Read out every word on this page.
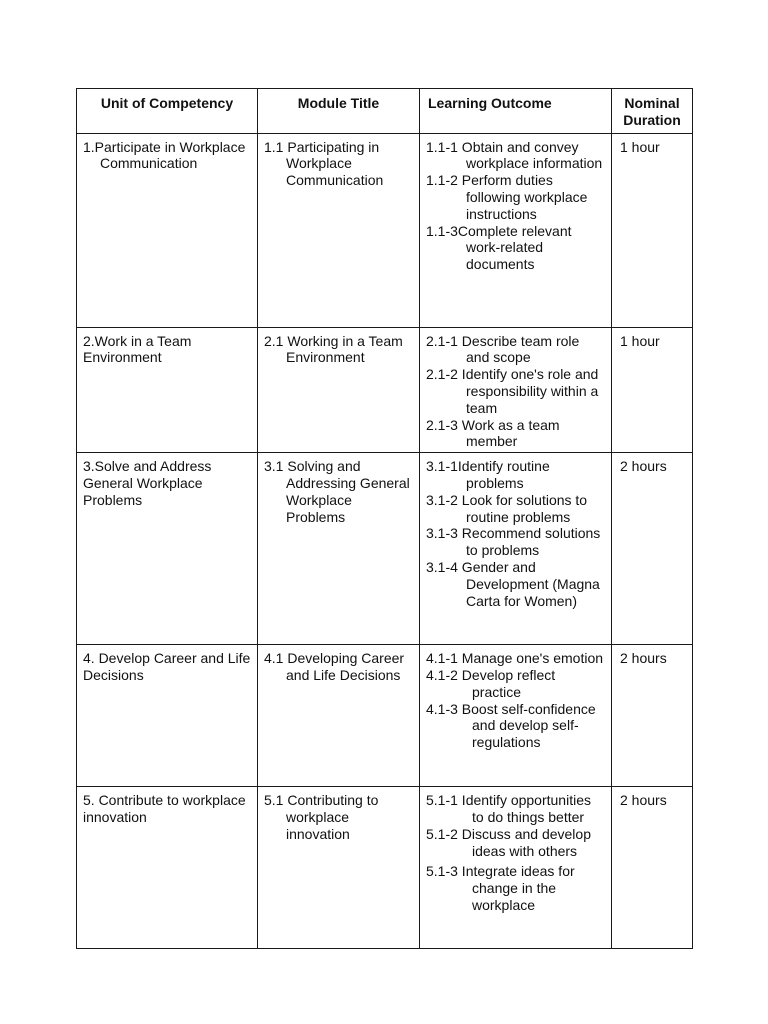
Unit of Competency	Module Title	Learning Outcome	Nominal Duration

1.Participate in Workplace Communication	1.1 Participating in Workplace Communication	1.1-1 Obtain and convey workplace information
1.1-2 Perform duties following workplace instructions
1.1-3Complete relevant work-related documents	1 hour

2.Work in a Team Environment	2.1 Working in a Team Environment	2.1-1 Describe team role and scope
2.1-2 Identify one's role and responsibility within a team
2.1-3 Work as a team member	1 hour

3.Solve and Address General Workplace Problems	3.1 Solving and Addressing General Workplace Problems	3.1-1Identify routine problems
3.1-2 Look for solutions to routine problems
3.1-3 Recommend solutions to problems
3.1-4 Gender and Development (Magna Carta for Women)	2 hours

4. Develop Career and Life Decisions	4.1 Developing Career and Life Decisions	4.1-1 Manage one's emotion
4.1-2 Develop reflect practice
4.1-3 Boost self-confidence and develop self-regulations	2 hours

5. Contribute to workplace innovation	5.1 Contributing to workplace innovation	5.1-1 Identify opportunities to do things better
5.1-2 Discuss and develop ideas with others
5.1-3 Integrate ideas for change in the workplace	2 hours
